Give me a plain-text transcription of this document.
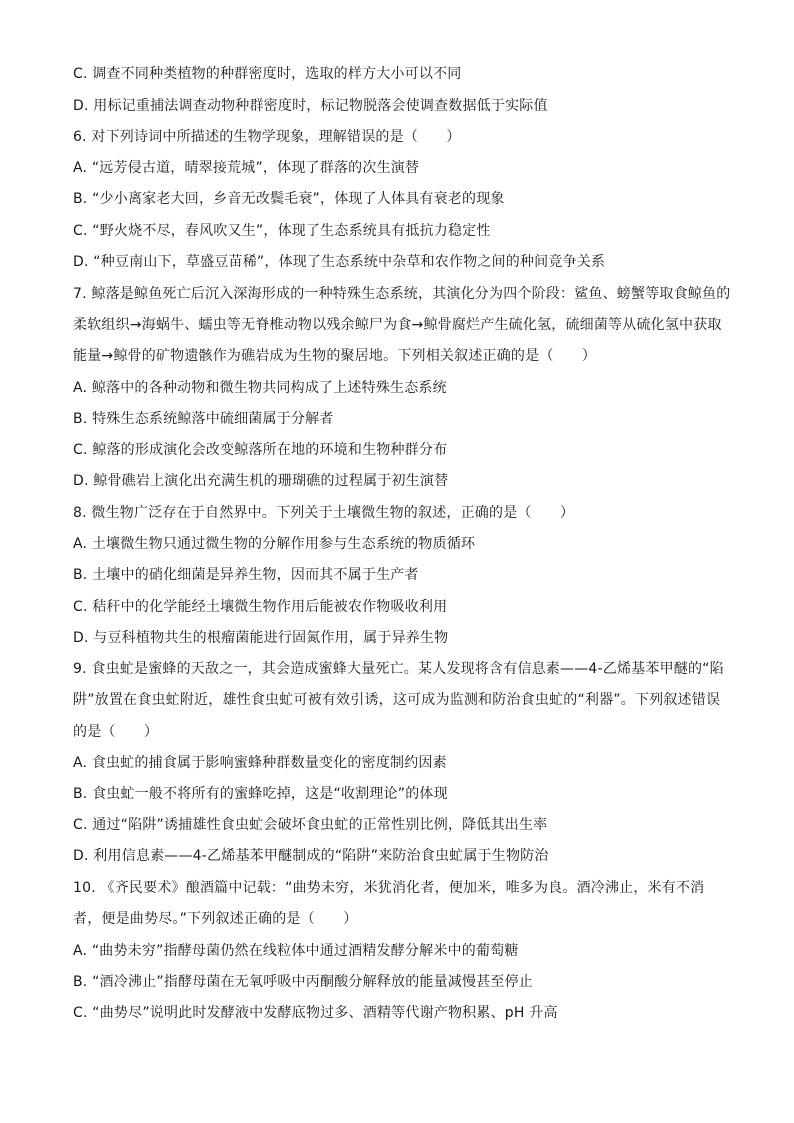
C. 调查不同种类植物的种群密度时，选取的样方大小可以不同
D. 用标记重捕法调查动物种群密度时，标记物脱落会使调查数据低于实际值
6. 对下列诗词中所描述的生物学现象，理解错误的是（　　）
A. “远芳侵古道，晴翠接荒城”，体现了群落的次生演替
B. “少小离家老大回，乡音无改鬓毛衰”，体现了人体具有衰老的现象
C. “野火烧不尽，春风吹又生”，体现了生态系统具有抵抗力稳定性
D. “种豆南山下，草盛豆苗稀”，体现了生态系统中杂草和农作物之间的种间竞争关系
7. 鲸落是鲸鱼死亡后沉入深海形成的一种特殊生态系统，其演化分为四个阶段：鲨鱼、螃蟹等取食鲸鱼的
柔软组织→海蜗牛、蠕虫等无脊椎动物以残余鲸尸为食→鲸骨腐烂产生硫化氢，硫细菌等从硫化氢中获取
能量→鲸骨的矿物遗骸作为礁岩成为生物的聚居地。下列相关叙述正确的是（　　）
A. 鲸落中的各种动物和微生物共同构成了上述特殊生态系统
B. 特殊生态系统鲸落中硫细菌属于分解者
C. 鲸落的形成演化会改变鲸落所在地的环境和生物种群分布
D. 鲸骨礁岩上演化出充满生机的珊瑚礁的过程属于初生演替
8. 微生物广泛存在于自然界中。下列关于土壤微生物的叙述，正确的是（　　）
A. 土壤微生物只通过微生物的分解作用参与生态系统的物质循环
B. 土壤中的硝化细菌是异养生物，因而其不属于生产者
C. 秸秆中的化学能经土壤微生物作用后能被农作物吸收利用
D. 与豆科植物共生的根瘤菌能进行固氮作用，属于异养生物
9. 食虫虻是蜜蜂的天敌之一，其会造成蜜蜂大量死亡。某人发现将含有信息素——4-乙烯基苯甲醚的“陷
阱”放置在食虫虻附近，雄性食虫虻可被有效引诱，这可成为监测和防治食虫虻的“利器”。下列叙述错误
的是（　　）
A. 食虫虻的捕食属于影响蜜蜂种群数量变化的密度制约因素
B. 食虫虻一般不将所有的蜜蜂吃掉，这是“收割理论”的体现
C. 通过“陷阱”诱捕雄性食虫虻会破坏食虫虻的正常性别比例，降低其出生率
D. 利用信息素——4-乙烯基苯甲醚制成的“陷阱”来防治食虫虻属于生物防治
10. 《齐民要术》酿酒篇中记载：“曲势未穷，米犹消化者，便加米，唯多为良。酒冷沸止，米有不消
者，便是曲势尽。”下列叙述正确的是（　　）
A. “曲势未穷”指酵母菌仍然在线粒体中通过酒精发酵分解米中的葡萄糖
B. “酒冷沸止”指酵母菌在无氧呼吸中丙酮酸分解释放的能量减慢甚至停止
C. “曲势尽”说明此时发酵液中发酵底物过多、酒精等代谢产物积累、pH 升高
